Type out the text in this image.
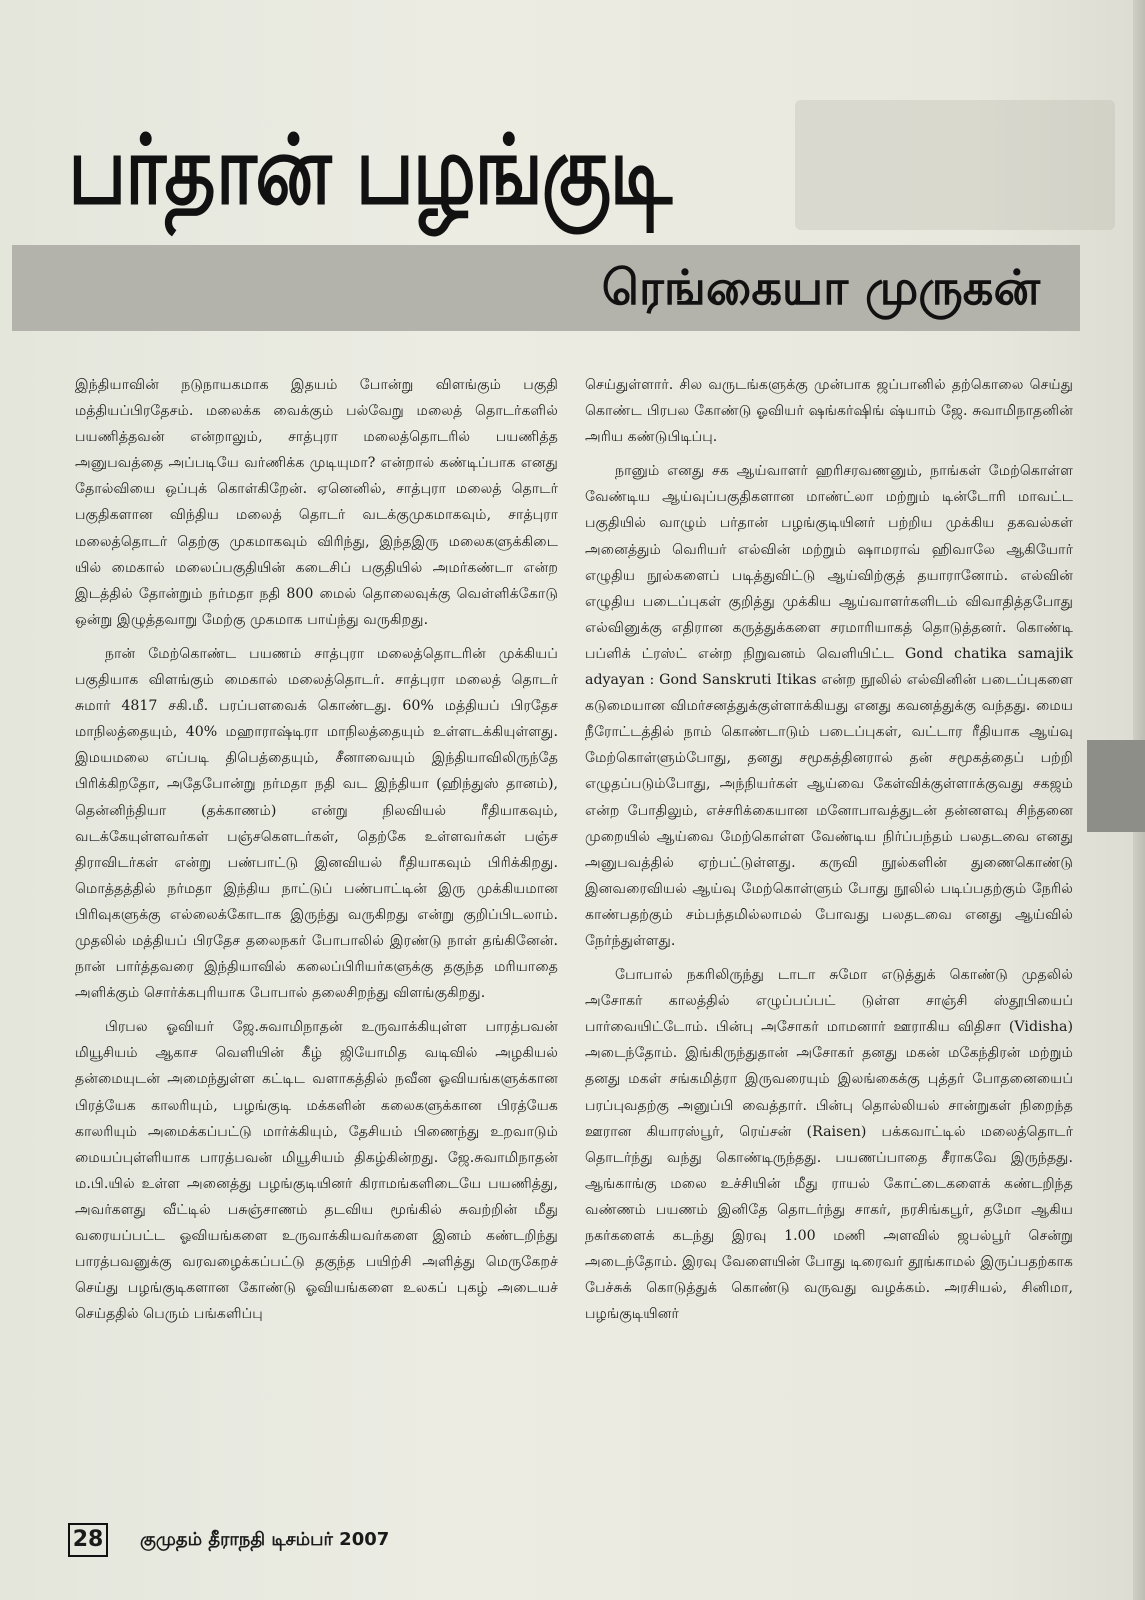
பர்தான் பழங்குடி
ரெங்கையா முருகன்

இந்தியாவின் நடுநாயகமாக இதயம் போன்று விளங்கும் பகுதி மத்தியப்பிரதேசம். மலைக்க வைக்கும் பல்வேறு மலைத் தொடர்களில் பயணித்தவன் என்றாலும், சாத்புரா மலைத்தொடரில் பயணித்த அனுபவத்தை அப்படியே வர்ணிக்க முடியுமா? என்றால் கண்டிப்பாக எனது தோல்வியை ஒப்புக் கொள்கிறேன். ஏனெனில், சாத்புரா மலைத் தொடர் பகுதிகளான விந்திய மலைத் தொடர் வடக்குமுகமாகவும், சாத்புரா மலைத்தொடர் தெற்கு முகமாகவும் விரிந்து, இந்தஇரு மலைகளுக்கிடை யில் மைகால் மலைப்பகுதியின் கடைசிப் பகுதியில் அமர்கண்டா என்ற இடத்தில் தோன்றும் நர்மதா நதி 800 மைல் தொலைவுக்கு வெள்ளிக்கோடு ஒன்று இழுத்தவாறு மேற்கு முகமாக பாய்ந்து வருகிறது.

நான் மேற்கொண்ட பயணம் சாத்புரா மலைத்தொடரின் முக்கியப் பகுதியாக விளங்கும் மைகால் மலைத்தொடர். சாத்புரா மலைத் தொடர் சுமார் 4817 சகி.மீ. பரப்பளவைக் கொண்டது. 60% மத்தியப் பிரதேச மாநிலத்தையும், 40% மஹாராஷ்டிரா மாநிலத்தையும் உள்ளடக்கியுள்ளது. இமயமலை எப்படி திபெத்தையும், சீனாவையும் இந்தியாவிலிருந்தே பிரிக்கிறதோ, அதேபோன்று நர்மதா நதி வட இந்தியா (ஹிந்துஸ் தானம்), தென்னிந்தியா (தக்காணம்) என்று நிலவியல் ரீதியாகவும், வடக்கேயுள்ளவர்கள் பஞ்சகௌடர்கள், தெற்கே உள்ளவர்கள் பஞ்ச திராவிடர்கள் என்று பண்பாட்டு இனவியல் ரீதியாகவும் பிரிக்கிறது. மொத்தத்தில் நர்மதா இந்திய நாட்டுப் பண்பாட்டின் இரு முக்கியமான பிரிவுகளுக்கு எல்லைக்கோடாக இருந்து வருகிறது என்று குறிப்பிடலாம். முதலில் மத்தியப் பிரதேச தலைநகர் போபாலில் இரண்டு நாள் தங்கினேன். நான் பார்த்தவரை இந்தியாவில் கலைப்பிரியர்களுக்கு தகுந்த மரியாதை அளிக்கும் சொர்க்கபுரியாக போபால் தலைசிறந்து விளங்குகிறது.

பிரபல ஓவியர் ஜே.சுவாமிநாதன் உருவாக்கியுள்ள பாரத்பவன் மியூசியம் ஆகாச வெளியின் கீழ் ஜியோமித வடிவில் அழகியல் தன்மையுடன் அமைந்துள்ள கட்டிட வளாகத்தில் நவீன ஓவியங்களுக்கான பிரத்யேக காலரியும், பழங்குடி மக்களின் கலைகளுக்கான பிரத்யேக காலரியும் அமைக்கப்பட்டு மார்க்கியும், தேசியம் பிணைந்து உறவாடும் மையப்புள்ளியாக பாரத்பவன் மியூசியம் திகழ்கின்றது. ஜே.சுவாமிநாதன் ம.பி.யில் உள்ள அனைத்து பழங்குடியினர் கிராமங்களிடையே பயணித்து, அவர்களது வீட்டில் பசுஞ்சாணம் தடவிய மூங்கில் சுவற்றின் மீது வரையப்பட்ட ஓவியங்களை உருவாக்கியவர்களை இனம் கண்டறிந்து பாரத்பவனுக்கு வரவழைக்கப்பட்டு தகுந்த பயிற்சி அளித்து மெருகேறச் செய்து பழங்குடிகளான கோண்டு ஓவியங்களை உலகப் புகழ் அடையச் செய்ததில் பெரும் பங்களிப்பு

செய்துள்ளார். சில வருடங்களுக்கு முன்பாக ஜப்பானில் தற்கொலை செய்து கொண்ட பிரபல கோண்டு ஓவியர் ஷங்கர்ஷிங் ஷ்யாம் ஜே. சுவாமிநாதனின் அரிய கண்டுபிடிப்பு.

நானும் எனது சக ஆய்வாளர் ஹரிசரவணனும், நாங்கள் மேற்கொள்ள வேண்டிய ஆய்வுப்பகுதிகளான மாண்ட்லா மற்றும் டின்டோரி மாவட்ட பகுதியில் வாழும் பர்தான் பழங்குடியினர் பற்றிய முக்கிய தகவல்கள் அனைத்தும் வெரியர் எல்வின் மற்றும் ஷாமராவ் ஹிவாலே ஆகியோர் எழுதிய நூல்களைப் படித்துவிட்டு ஆய்விற்குத் தயாரானோம். எல்வின் எழுதிய படைப்புகள் குறித்து முக்கிய ஆய்வாளர்களிடம் விவாதித்தபோது எல்வினுக்கு எதிரான கருத்துக்களை சரமாரியாகத் தொடுத்தனர். கொண்டி பப்ளிக் ட்ரஸ்ட் என்ற நிறுவனம் வெளியிட்ட Gond chatika samajik adyayan : Gond Sanskruti Itikas என்ற நூலில் எல்வினின் படைப்புகளை கடுமையான விமர்சனத்துக்குள்ளாக்கியது எனது கவனத்துக்கு வந்தது. மைய நீரோட்டத்தில் நாம் கொண்டாடும் படைப்புகள், வட்டார ரீதியாக ஆய்வு மேற்கொள்ளும்போது, தனது சமூகத்தினரால் தன் சமூகத்தைப் பற்றி எழுதப்படும்போது, அந்நியர்கள் ஆய்வை கேள்விக்குள்ளாக்குவது சகஜம் என்ற போதிலும், எச்சரிக்கையான மனோபாவத்துடன் தன்னளவு சிந்தனை முறையில் ஆய்வை மேற்கொள்ள வேண்டிய நிர்ப்பந்தம் பலதடவை எனது அனுபவத்தில் ஏற்பட்டுள்ளது. கருவி நூல்களின் துணைகொண்டு இனவரைவியல் ஆய்வு மேற்கொள்ளும் போது நூலில் படிப்பதற்கும் நேரில் காண்பதற்கும் சம்பந்தமில்லாமல் போவது பலதடவை எனது ஆய்வில் நேர்ந்துள்ளது.

போபால் நகரிலிருந்து டாடா சுமோ எடுத்துக் கொண்டு முதலில் அசோகர் காலத்தில் எழுப்பப்பட் டுள்ள சாஞ்சி ஸ்தூபியைப் பார்வையிட்டோம். பின்பு அசோகர் மாமனார் ஊராகிய விதிசா (Vidisha) அடைந்தோம். இங்கிருந்துதான் அசோகர் தனது மகன் மகேந்திரன் மற்றும் தனது மகள் சங்கமித்ரா இருவரையும் இலங்கைக்கு புத்தர் போதனையைப் பரப்புவதற்கு அனுப்பி வைத்தார். பின்பு தொல்லியல் சான்றுகள் நிறைந்த ஊரான கியாரஸ்பூர், ரெய்சன் (Raisen) பக்கவாட்டில் மலைத்தொடர் தொடர்ந்து வந்து கொண்டிருந்தது. பயணப்பாதை சீராகவே இருந்தது. ஆங்காங்கு மலை உச்சியின் மீது ராயல் கோட்டைகளைக் கண்டறிந்த வண்ணம் பயணம் இனிதே தொடர்ந்து சாகர், நரசிங்கபூர், தமோ ஆகிய நகர்களைக் கடந்து இரவு 1.00 மணி அளவில் ஜபல்பூர் சென்று அடைந்தோம். இரவு வேளையின் போது டிரைவர் தூங்காமல் இருப்பதற்காக பேச்சுக் கொடுத்துக் கொண்டு வருவது வழக்கம். அரசியல், சினிமா, பழங்குடியினர்

28 குமுதம் தீராநதி டிசம்பர் 2007
